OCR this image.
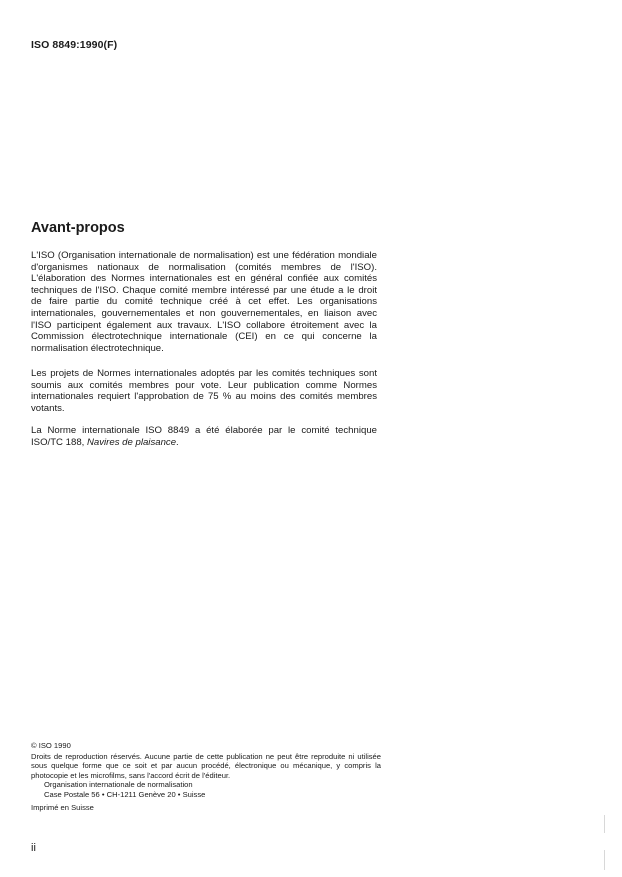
ISO 8849:1990(F)
Avant-propos

L'ISO (Organisation internationale de normalisation) est une fédération mondiale d'organismes nationaux de normalisation (comités membres de l'ISO). L'élaboration des Normes internationales est en général confiée aux comités techniques de l'ISO. Chaque comité membre intéressé par une étude a le droit de faire partie du comité technique créé à cet effet. Les organisations internationales, gouvernementales et non gouvernementales, en liaison avec l'ISO participent également aux travaux. L'ISO collabore étroitement avec la Commission électrotechnique internationale (CEI) en ce qui concerne la normalisation électrotechnique.

Les projets de Normes internationales adoptés par les comités techniques sont soumis aux comités membres pour vote. Leur publication comme Normes internationales requiert l'approbation de 75 % au moins des comités membres votants.

La Norme internationale ISO 8849 a été élaborée par le comité technique ISO/TC 188, Navires de plaisance.

© ISO 1990
Droits de reproduction réservés. Aucune partie de cette publication ne peut être reproduite ni utilisée sous quelque forme que ce soit et par aucun procédé, électronique ou mécanique, y compris la photocopie et les microfilms, sans l'accord écrit de l'éditeur.
Organisation internationale de normalisation
Case Postale 56 • CH-1211 Genève 20 • Suisse
Imprimé en Suisse
ii
